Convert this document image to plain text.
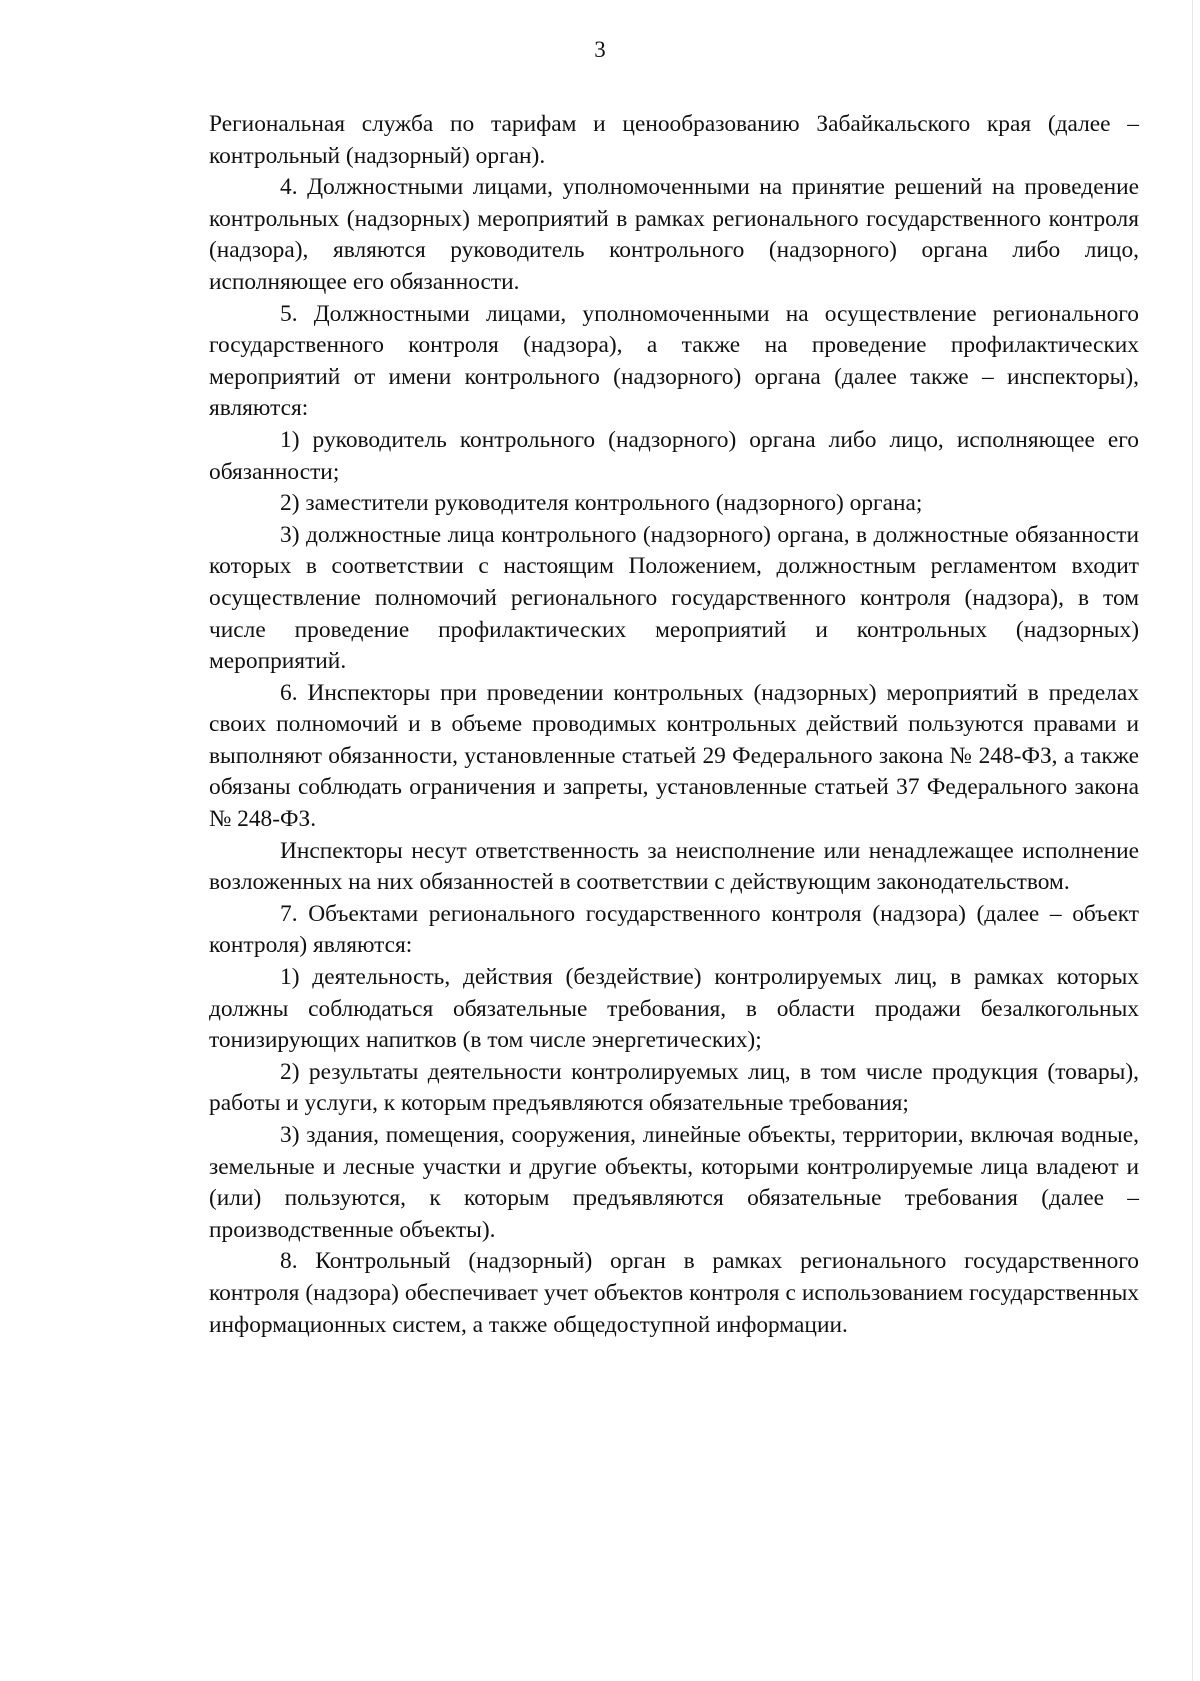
3

Региональная служба по тарифам и ценообразованию Забайкальского края (далее – контрольный (надзорный) орган).

4. Должностными лицами, уполномоченными на принятие решений на проведение контрольных (надзорных) мероприятий в рамках регионального государственного контроля (надзора), являются руководитель контрольного (надзорного) органа либо лицо, исполняющее его обязанности.

5. Должностными лицами, уполномоченными на осуществление регионального государственного контроля (надзора), а также на проведение профилактических мероприятий от имени контрольного (надзорного) органа (далее также – инспекторы), являются:

1) руководитель контрольного (надзорного) органа либо лицо, исполняющее его обязанности;

2) заместители руководителя контрольного (надзорного) органа;

3) должностные лица контрольного (надзорного) органа, в должностные обязанности которых в соответствии с настоящим Положением, должностным регламентом входит осуществление полномочий регионального государственного контроля (надзора), в том числе проведение профилактических мероприятий и контрольных (надзорных) мероприятий.

6. Инспекторы при проведении контрольных (надзорных) мероприятий в пределах своих полномочий и в объеме проводимых контрольных действий пользуются правами и выполняют обязанности, установленные статьей 29 Федерального закона № 248-ФЗ, а также обязаны соблюдать ограничения и запреты, установленные статьей 37 Федерального закона № 248-ФЗ.

Инспекторы несут ответственность за неисполнение или ненадлежащее исполнение возложенных на них обязанностей в соответствии с действующим законодательством.

7. Объектами регионального государственного контроля (надзора) (далее – объект контроля) являются:

1) деятельность, действия (бездействие) контролируемых лиц, в рамках которых должны соблюдаться обязательные требования, в области продажи безалкогольных тонизирующих напитков (в том числе энергетических);

2) результаты деятельности контролируемых лиц, в том числе продукция (товары), работы и услуги, к которым предъявляются обязательные требования;

3) здания, помещения, сооружения, линейные объекты, территории, включая водные, земельные и лесные участки и другие объекты, которыми контролируемые лица владеют и (или) пользуются, к которым предъявляются обязательные требования (далее – производственные объекты).

8. Контрольный (надзорный) орган в рамках регионального государственного контроля (надзора) обеспечивает учет объектов контроля с использованием государственных информационных систем, а также общедоступной информации.
